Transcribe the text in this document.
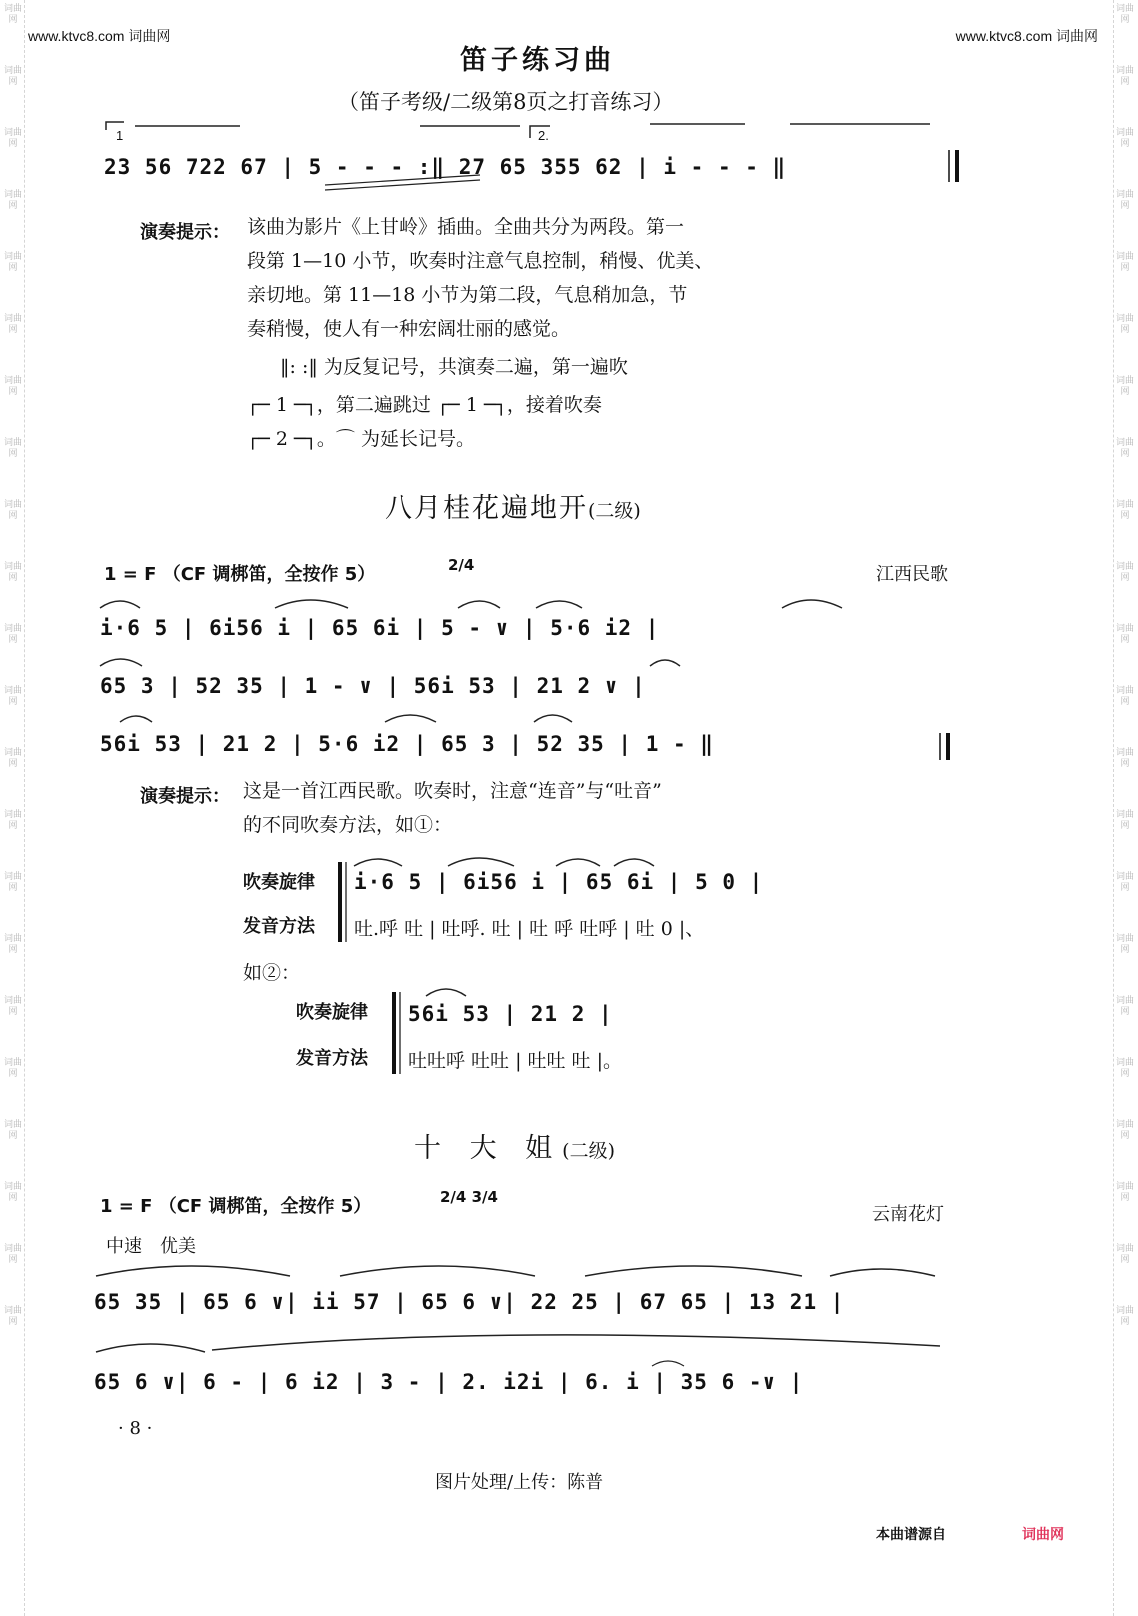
词曲网
词曲网
词曲网
词曲网
词曲网
词曲网
词曲网
词曲网
词曲网
词曲网
词曲网
词曲网
词曲网
词曲网
词曲网
词曲网
词曲网
词曲网
词曲网
词曲网
词曲网
词曲网
词曲网
词曲网
词曲网
词曲网
词曲网
词曲网
词曲网
词曲网
词曲网
词曲网
词曲网
词曲网
词曲网
词曲网
词曲网
词曲网
词曲网
词曲网
词曲网
词曲网
词曲网
词曲网
www.ktvc8.com 词曲网	www.ktvc8.com 词曲网
笛子练习曲
（笛子考级/二级第8页之打音练习）
1	2.
23 56 722 67 | 5 - - - :‖ 27 65 355 62 | i - - - ‖
演奏提示： 该曲为影片《上甘岭》插曲。全曲共分为两段。第一
段第 1—10 小节，吹奏时注意气息控制，稍慢、优美、
亲切地。第 11—18 小节为第二段，气息稍加急，节
奏稍慢，使人有一种宏阔壮丽的感觉。
‖: :‖ 为反复记号，共演奏二遍，第一遍吹
┌─ 1 ─┐，第二遍跳过 ┌─ 1 ─┐，接着吹奏
┌─ 2 ─┐。⌒ 为延长记号。
八月桂花遍地开(二级)
1 = F （CF 调梆笛，全按作 5）	2/4	江西民歌
i·6 5 | 6i56 i | 65 6i | 5 - ∨ | 5·6 i2 |
65 3 | 52 35 | 1 - ∨ | 56i 53 | 21 2 ∨ |
56i 53 | 21 2 | 5·6 i2 | 65 3 | 52 35 | 1 - ‖
演奏提示： 这是一首江西民歌。吹奏时，注意“连音”与“吐音”
的不同吹奏方法，如①：
吹奏旋律 i·6 5 | 6i56 i | 65 6i | 5 0 |
发音方法 吐.呼 吐 | 吐呼. 吐 | 吐 呼 吐呼 | 吐 0 |、
如②：
吹奏旋律 56i 53 | 21 2 |
发音方法 吐吐呼 吐吐 | 吐吐 吐 |。
十 大 姐(二级)
1 = F （CF 调梆笛，全按作 5）	2/4 3/4
云南花灯
中速　优美
65 35 | 65 6 ∨| ii 57 | 65 6 ∨| 22 25 | 67 65 | 13 21 |
65 6 ∨| 6 - | 6 i2 | 3 - | 2. i2i | 6. i | 35 6 -∨ |
· 8 ·
图片处理/上传：陈普
本曲谱源自	词曲网
